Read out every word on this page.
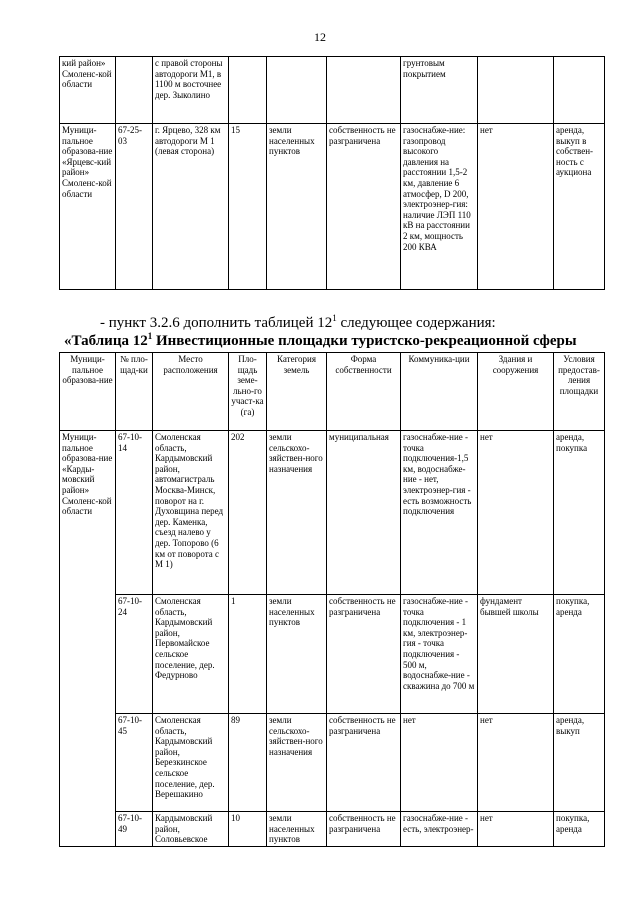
12
кий район» Смоленс-кой области		с правой стороны автодороги М1, в 1100 м восточнее дер. Зыколино				грунтовым покрытием		
Муници-пальное образова-ние «Ярцевс-кий район» Смоленс-кой области	67-25-03	г. Ярцево, 328 км автодороги М 1 (левая сторона)	15	земли населенных пунктов	собственность не разграничена	газоснабже-ние: газопровод высокого давления на расстоянии 1,5-2 км, давление 6 атмосфер, D 200, электроэнер-гия: наличие ЛЭП 110 кВ на расстоянии 2 км, мощность 200 КВА	нет	аренда, выкуп в собствен-ность с аукциона
- пункт 3.2.6 дополнить таблицей $12^1$ следующее содержания:
«Таблица $12^1$ Инвестиционные площадки туристско-рекреационной сферы
Муници-пальное образова-ние	№ пло-щад-ки	Место расположения	Пло-щадь земе-льно-го участ-ка (га)	Категория земель	Форма собственности	Коммуника-ции	Здания и сооружения	Условия предостав-ления площадки
Муници-пальное образова-ние «Карды-мовский район» Смоленс-кой области	67-10-14	Смоленская область, Кардымовский район, автомагистраль Москва-Минск, поворот на г. Духовщина перед дер. Каменка, съезд налево у дер. Топорово (6 км от поворота с М 1)	202	земли сельскохо-зяйствен-ного назначения	муниципальная	газоснабже-ние - точка подключения-1,5 км, водоснабже-ние - нет, электроэнер-гия - есть возможность подключения	нет	аренда, покупка
	67-10-24	Смоленская область, Кардымовский район, Первомайское сельское поселение, дер. Федурново	1	земли населенных пунктов	собственность не разграничена	газоснабже-ние - точка подключения - 1 км, электроэнер-гия - точка подключения - 500 м, водоснабже-ние - скважина до 700 м	фундамент бывшей школы	покупка, аренда
	67-10-45	Смоленская область, Кардымовский район, Березкинское сельское поселение, дер. Верешакино	89	земли сельскохо-зяйствен-ного назначения	собственность не разграничена	нет	нет	аренда, выкуп
	67-10-49	Кардымовский район, Соловьевское	10	земли населенных пунктов	собственность не разграничена	газоснабже-ние - есть, электроэнер-	нет	покупка, аренда
